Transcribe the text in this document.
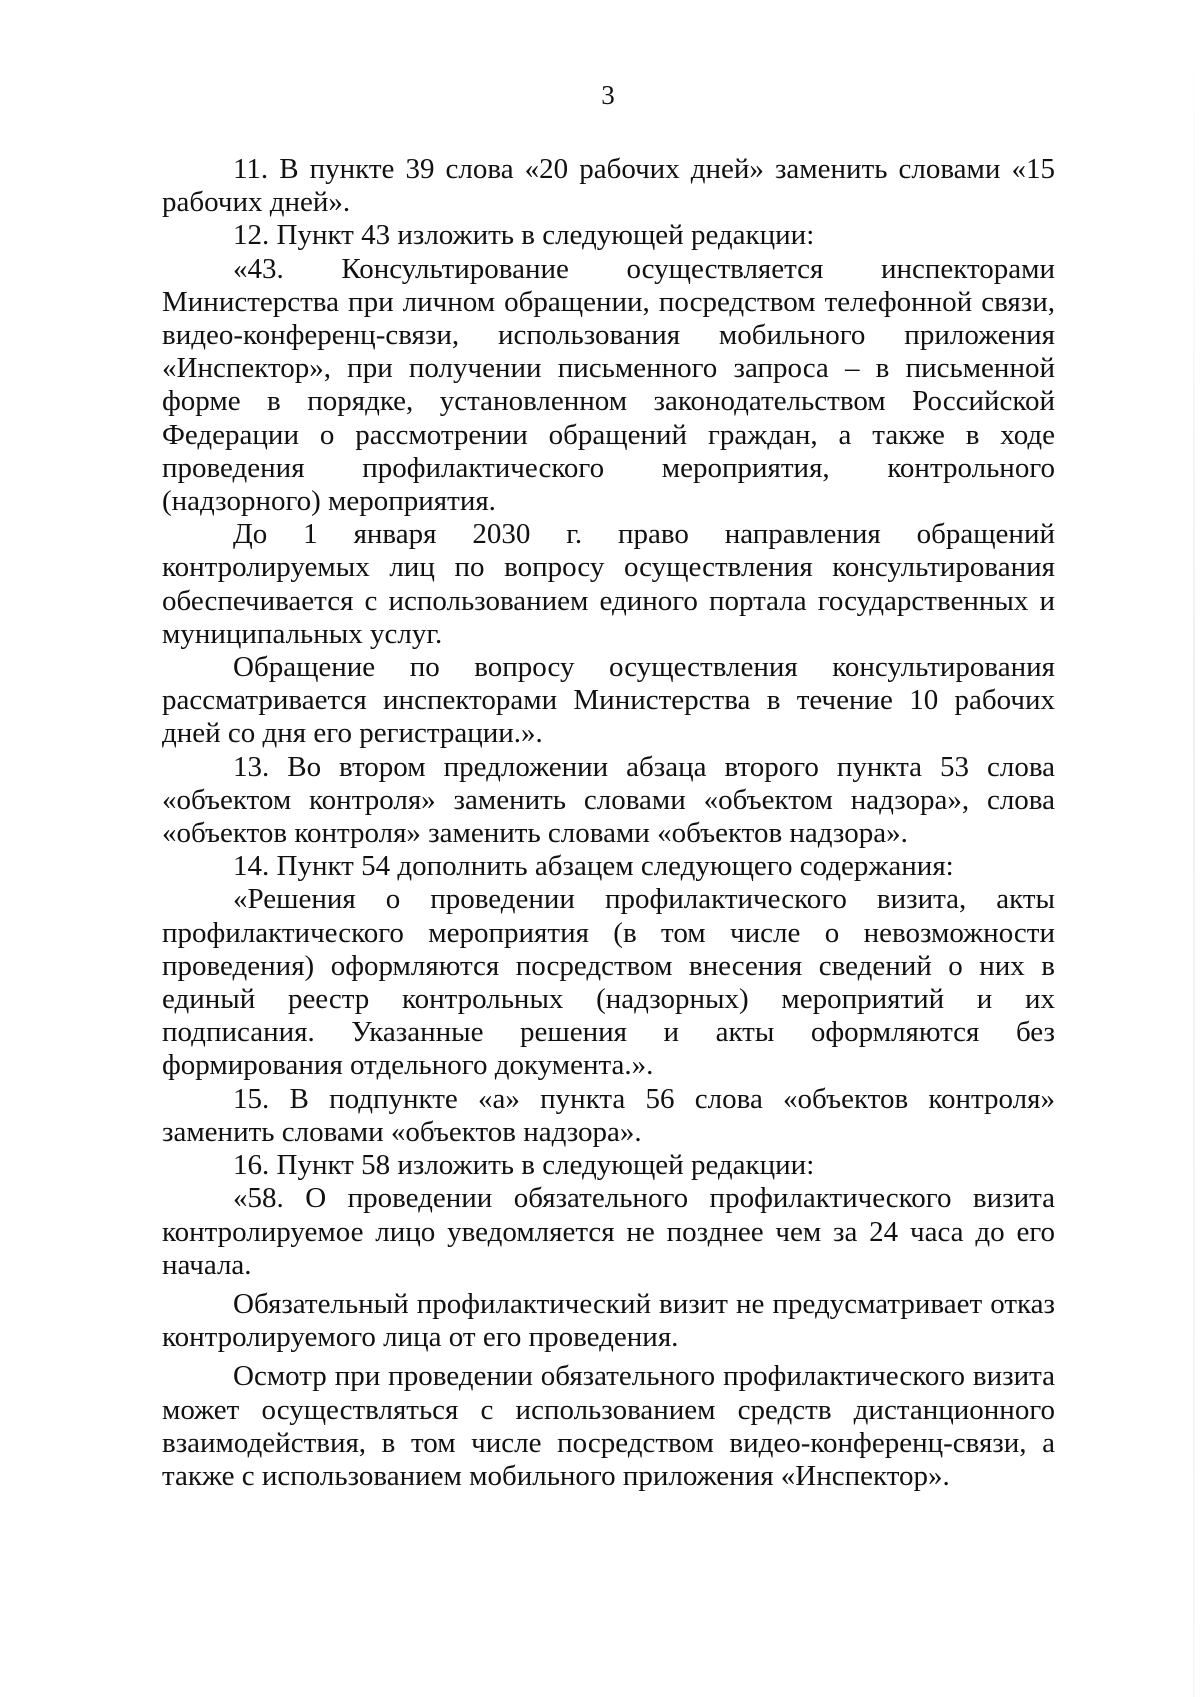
3

11. В пункте 39 слова «20 рабочих дней» заменить словами «15 рабочих дней».

12. Пункт 43 изложить в следующей редакции:

«43. Консультирование осуществляется инспекторами Министерства при личном обращении, посредством телефонной связи, видео-конференц-связи, использования мобильного приложения «Инспектор», при получении письменного запроса – в письменной форме в порядке, установленном законодательством Российской Федерации о рассмотрении обращений граждан, а также в ходе проведения профилактического мероприятия, контрольного (надзорного) мероприятия.

До 1 января 2030 г. право направления обращений контролируемых лиц по вопросу осуществления консультирования обеспечивается с использованием единого портала государственных и муниципальных услуг.

Обращение по вопросу осуществления консультирования рассматривается инспекторами Министерства в течение 10 рабочих дней со дня его регистрации.».

13. Во втором предложении абзаца второго пункта 53 слова «объектом контроля» заменить словами «объектом надзора», слова «объектов контроля» заменить словами «объектов надзора».

14. Пункт 54 дополнить абзацем следующего содержания:

«Решения о проведении профилактического визита, акты профилактического мероприятия (в том числе о невозможности проведения) оформляются посредством внесения сведений о них в единый реестр контрольных (надзорных) мероприятий и их подписания. Указанные решения и акты оформляются без формирования отдельного документа.».

15. В подпункте «а» пункта 56 слова «объектов контроля» заменить словами «объектов надзора».

16. Пункт 58 изложить в следующей редакции:

«58. О проведении обязательного профилактического визита контролируемое лицо уведомляется не позднее чем за 24 часа до его начала.

Обязательный профилактический визит не предусматривает отказ контролируемого лица от его проведения.

Осмотр при проведении обязательного профилактического визита может осуществляться с использованием средств дистанционного взаимодействия, в том числе посредством видео-конференц-связи, а также с использованием мобильного приложения «Инспектор».
